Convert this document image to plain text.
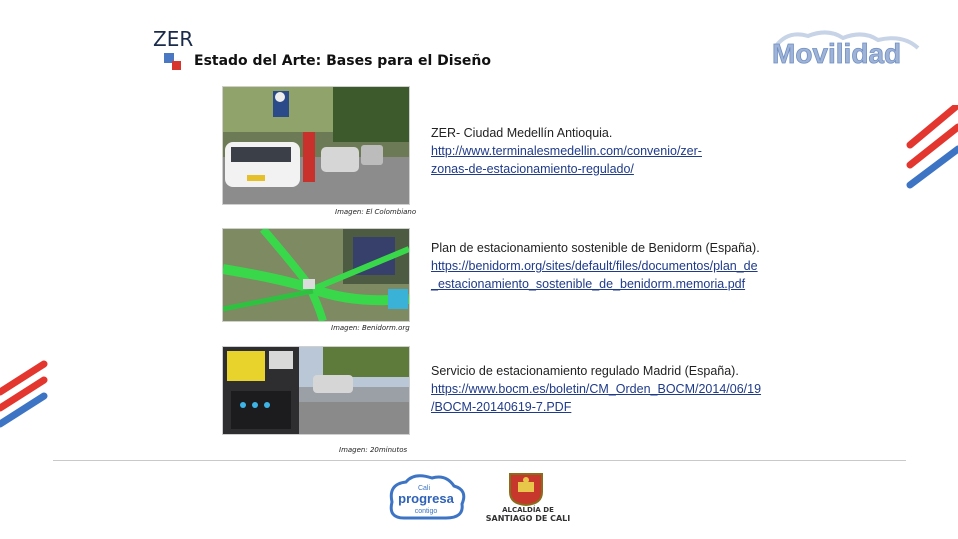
ZER
Estado del Arte: Bases para el Diseño	Movilidad
Imagen: El Colombiano
ZER- Ciudad Medellín Antioquia.
http://www.terminalesmedellin.com/convenio/zer-
zonas-de-estacionamiento-regulado/
Imagen: Benidorm.org
Plan de estacionamiento sostenible de Benidorm (España).
https://benidorm.org/sites/default/files/documentos/plan_de
_estacionamiento_sostenible_de_benidorm.memoria.pdf
Imagen: 20minutos
Servicio de estacionamiento regulado Madrid (España).
https://www.bocm.es/boletin/CM_Orden_BOCM/2014/06/19
/BOCM-20140619-7.PDF
Cali
progresa
contigo	ALCALDÍA DE
SANTIAGO DE CALI
